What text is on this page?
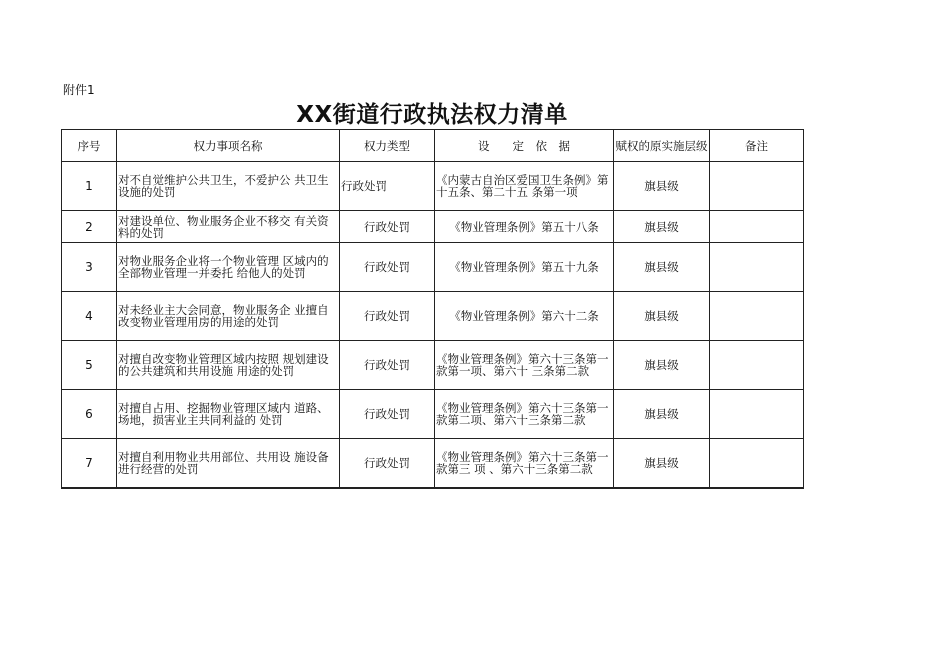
附件1
XX街道行政执法权力清单
序号	权力事项名称	权力类型	设　　定　依　据	赋权的原实施层级	备注
1	对不自觉维护公共卫生，不爱护公 共卫生设施的处罚	行政处罚	《内蒙古自治区爱国卫生条例》第十五条、第二十五 条第一项	旗县级	
2	对建设单位、物业服务企业不移交 有关资料的处罚	行政处罚	《物业管理条例》第五十八条	旗县级	
3	对物业服务企业将一个物业管理 区域内的全部物业管理一并委托 给他人的处罚	行政处罚	《物业管理条例》第五十九条	旗县级	
4	对未经业主大会同意，物业服务企 业擅自改变物业管理用房的用途的处罚	行政处罚	《物业管理条例》第六十二条	旗县级	
5	对擅自改变物业管理区域内按照 规划建设的公共建筑和共用设施 用途的处罚	行政处罚	《物业管理条例》第六十三条第一款第一项、第六十 三条第二款	旗县级	
6	对擅自占用、挖掘物业管理区域内 道路、场地，损害业主共同利益的 处罚	行政处罚	《物业管理条例》第六十三条第一款第二项、第六十三条第二款	旗县级	
7	对擅自利用物业共用部位、共用设 施设备进行经营的处罚	行政处罚	《物业管理条例》第六十三条第一款第三 项 、第六十三条第二款	旗县级	
